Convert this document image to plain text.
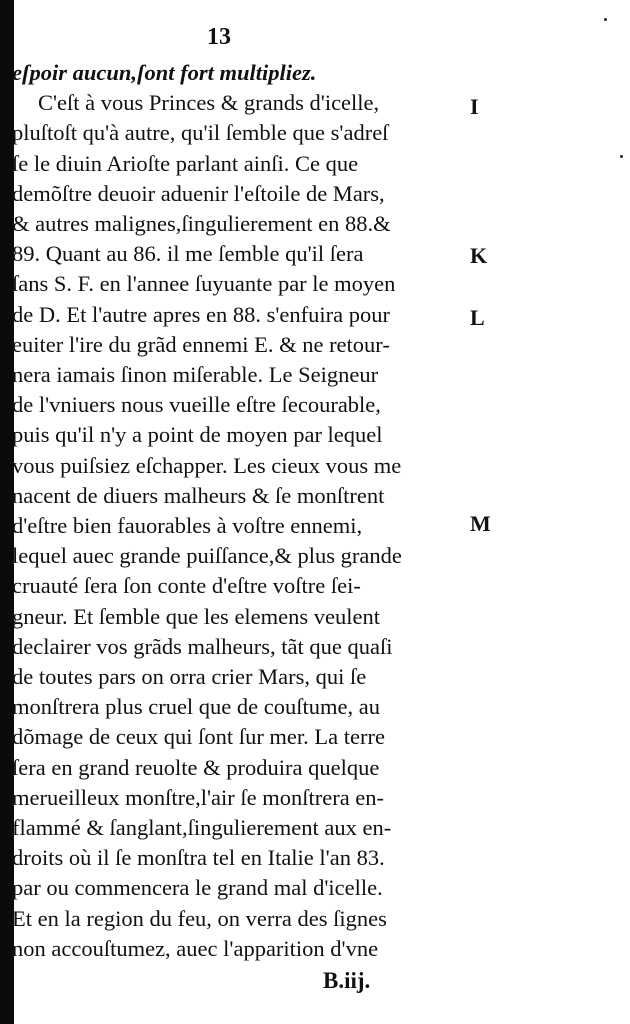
13
eſpoir aucun,ſont fort multipliez.
C'eſt à vous Princes & grands d'icelle,
pluſtoſt qu'à autre, qu'il ſemble que s'adreſ
ſe le diuin Arioſte parlant ainſi. Ce que
demõſtre deuoir aduenir l'eſtoile de Mars,
& autres malignes,ſingulierement en 88.&
89. Quant au 86. il me ſemble qu'il ſera
ſans S. F. en l'annee ſuyuante par le moyen
de D. Et l'autre apres en 88. s'enfuira pour
euiter l'ire du grãd ennemi E. & ne retour-
nera iamais ſinon miſerable. Le Seigneur
de l'vniuers nous vueille eſtre ſecourable,
puis qu'il n'y a point de moyen par lequel
vous puiſsiez eſchapper. Les cieux vous me
nacent de diuers malheurs & ſe monſtrent
d'eſtre bien fauorables à voſtre ennemi,
lequel auec grande puiſſance,& plus grande
cruauté ſera ſon conte d'eſtre voſtre ſei-
gneur. Et ſemble que les elemens veulent
declairer vos grãds malheurs, tãt que quaſi
de toutes pars on orra crier Mars, qui ſe
monſtrera plus cruel que de couſtume, au
dõmage de ceux qui ſont ſur mer. La terre
ſera en grand reuolte & produira quelque
merueilleux monſtre,l'air ſe monſtrera en-
flammé & ſanglant,ſingulierement aux en-
droits où il ſe monſtra tel en Italie l'an 83.
par ou commencera le grand mal d'icelle.
Et en la region du feu, on verra des ſignes
non accouſtumez, auec l'apparition d'vne
I
K
L
M
B.iij.
